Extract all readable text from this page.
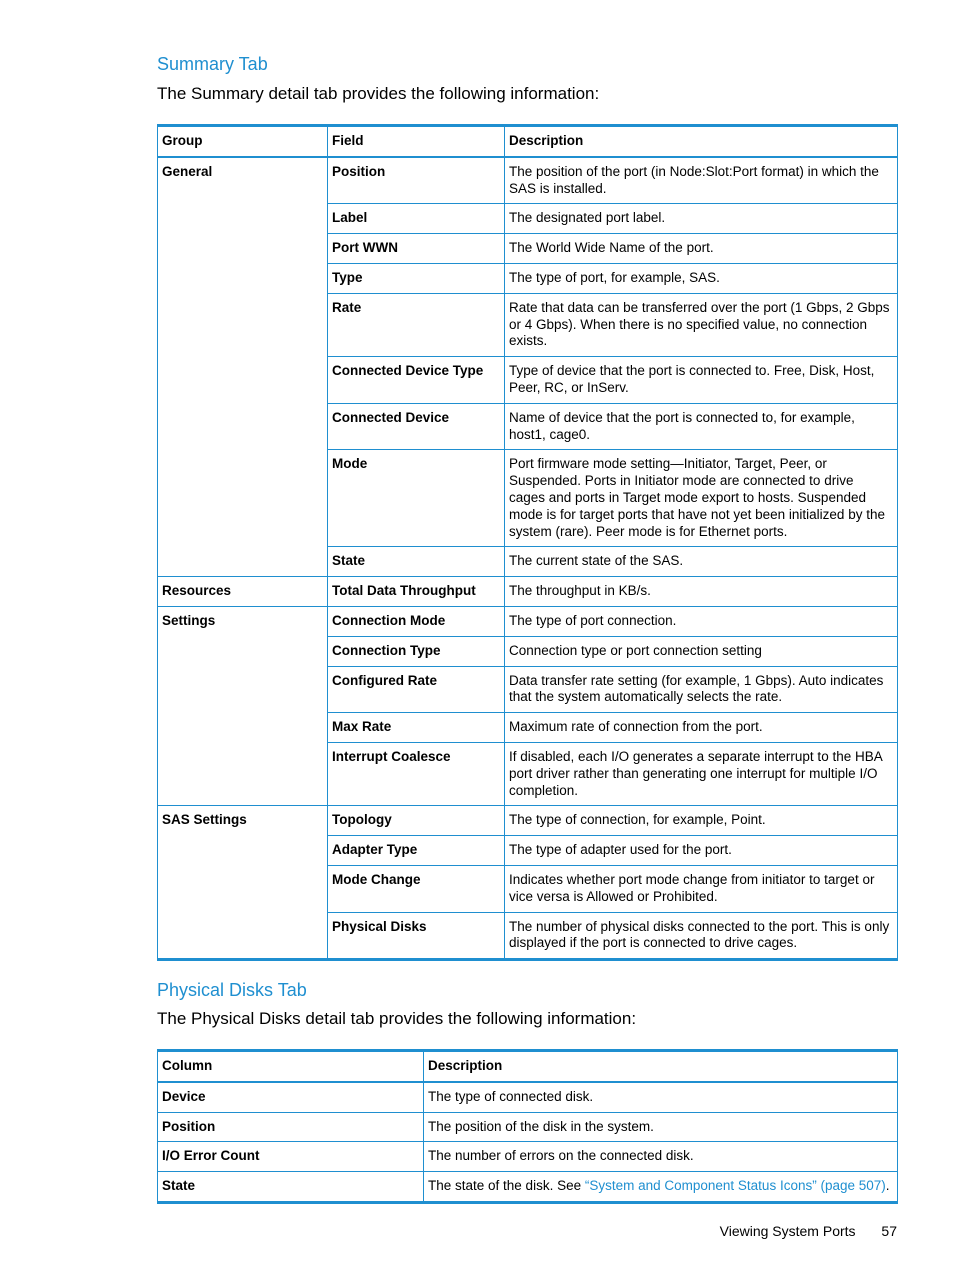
Summary Tab

The Summary detail tab provides the following information:

Group	Field	Description
General	Position	The position of the port (in Node:Slot:Port format) in which the SAS is installed.
	Label	The designated port label.
	Port WWN	The World Wide Name of the port.
	Type	The type of port, for example, SAS.
	Rate	Rate that data can be transferred over the port (1 Gbps, 2 Gbps or 4 Gbps). When there is no specified value, no connection exists.
	Connected Device Type	Type of device that the port is connected to. Free, Disk, Host, Peer, RC, or InServ.
	Connected Device	Name of device that the port is connected to, for example, host1, cage0.
	Mode	Port firmware mode setting—Initiator, Target, Peer, or Suspended. Ports in Initiator mode are connected to drive cages and ports in Target mode export to hosts. Suspended mode is for target ports that have not yet been initialized by the system (rare). Peer mode is for Ethernet ports.
	State	The current state of the SAS.
Resources	Total Data Throughput	The throughput in KB/s.
Settings	Connection Mode	The type of port connection.
	Connection Type	Connection type or port connection setting
	Configured Rate	Data transfer rate setting (for example, 1 Gbps). Auto indicates that the system automatically selects the rate.
	Max Rate	Maximum rate of connection from the port.
	Interrupt Coalesce	If disabled, each I/O generates a separate interrupt to the HBA port driver rather than generating one interrupt for multiple I/O completion.
SAS Settings	Topology	The type of connection, for example, Point.
	Adapter Type	The type of adapter used for the port.
	Mode Change	Indicates whether port mode change from initiator to target or vice versa is Allowed or Prohibited.
	Physical Disks	The number of physical disks connected to the port. This is only displayed if the port is connected to drive cages.
Physical Disks Tab

The Physical Disks detail tab provides the following information:

Column	Description
Device	The type of connected disk.
Position	The position of the disk in the system.
I/O Error Count	The number of errors on the connected disk.
State	The state of the disk. See “System and Component Status Icons” (page 507).
Viewing System Ports 57
